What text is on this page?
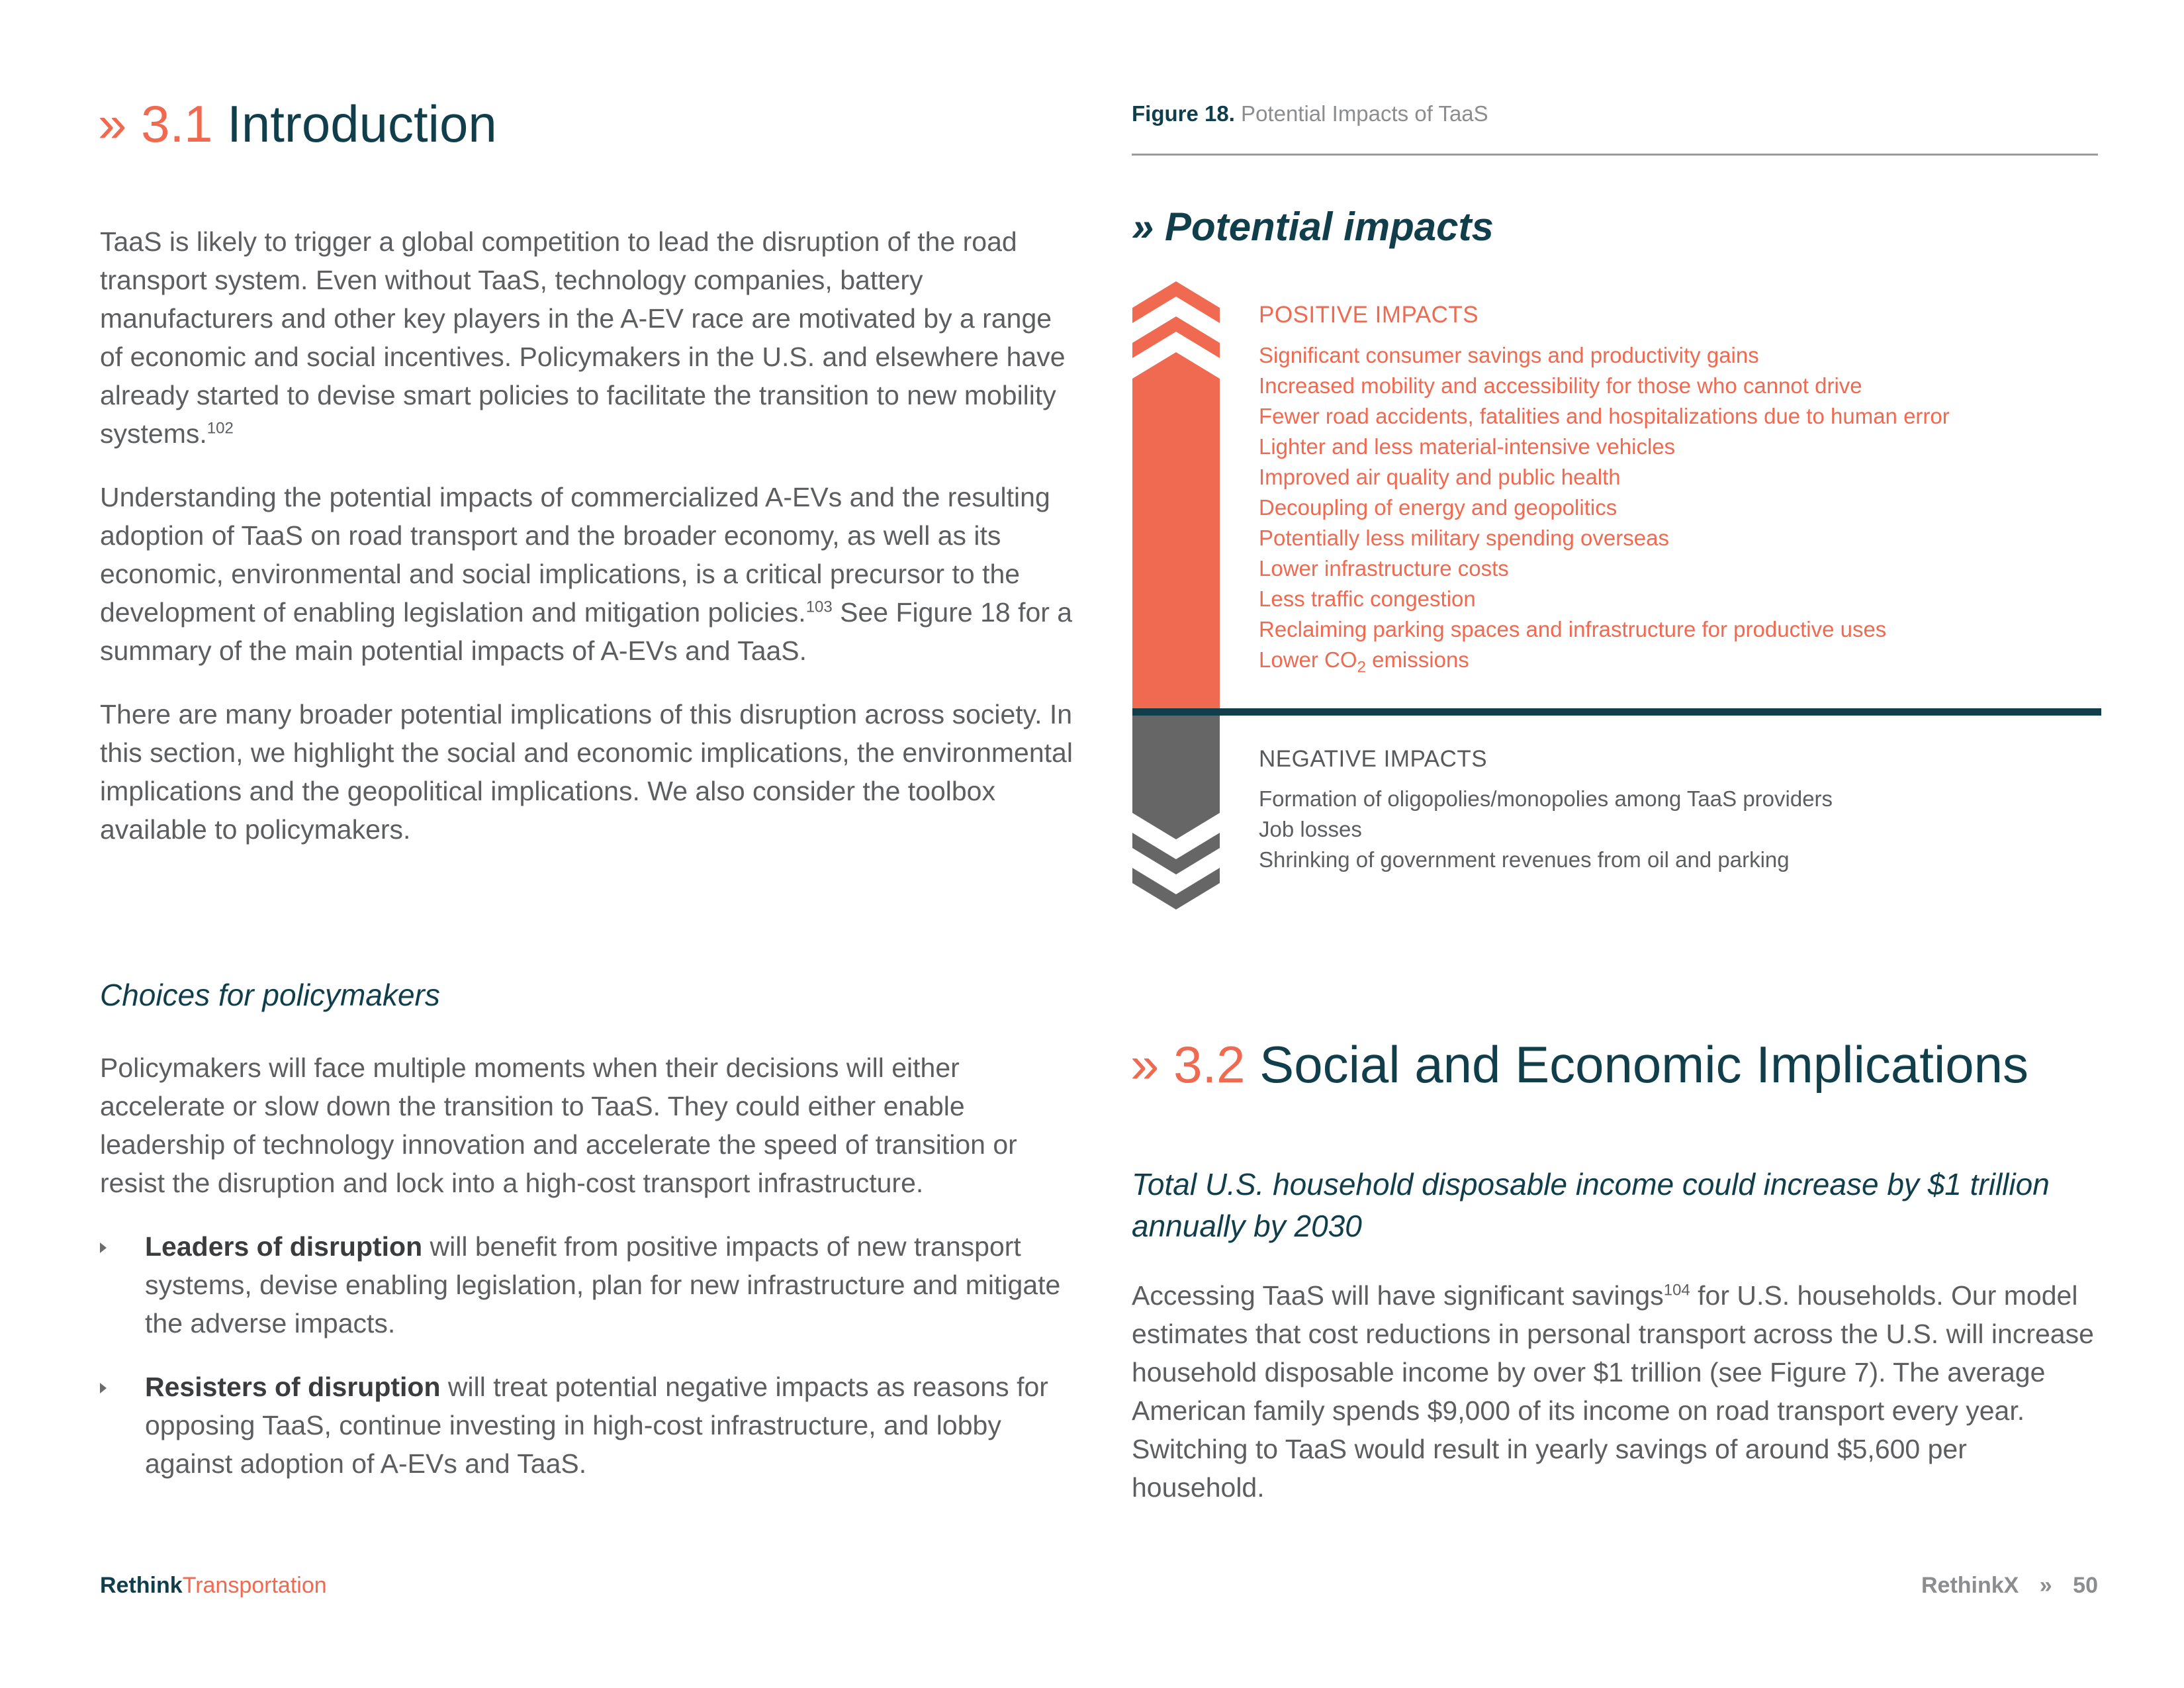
» 3.1 Introduction

TaaS is likely to trigger a global competition to lead the disruption of the road transport system. Even without TaaS, technology companies, battery manufacturers and other key players in the A-EV race are motivated by a range of economic and social incentives. Policymakers in the U.S. and elsewhere have already started to devise smart policies to facilitate the transition to new mobility systems.$^{102}$

Understanding the potential impacts of commercialized A-EVs and the resulting adoption of TaaS on road transport and the broader economy, as well as its economic, environmental and social implications, is a critical precursor to the development of enabling legislation and mitigation policies.$^{103}$ See Figure 18 for a summary of the main potential impacts of A-EVs and TaaS.

There are many broader potential implications of this disruption across society. In this section, we highlight the social and economic implications, the environmental implications and the geopolitical implications. We also consider the toolbox available to policymakers.

Choices for policymakers

Policymakers will face multiple moments when their decisions will either accelerate or slow down the transition to TaaS. They could either enable leadership of technology innovation and accelerate the speed of transition or resist the disruption and lock into a high-cost transport infrastructure.

Leaders of disruption will benefit from positive impacts of new transport systems, devise enabling legislation, plan for new infrastructure and mitigate the adverse impacts.
Resisters of disruption will treat potential negative impacts as reasons for opposing TaaS, continue investing in high-cost infrastructure, and lobby against adoption of A-EVs and TaaS.
Figure 18. Potential Impacts of TaaS
» Potential impacts
POSITIVE IMPACTS
Significant consumer savings and productivity gains
Increased mobility and accessibility for those who cannot drive
Fewer road accidents, fatalities and hospitalizations due to human error
Lighter and less material-intensive vehicles
Improved air quality and public health
Decoupling of energy and geopolitics
Potentially less military spending overseas
Lower infrastructure costs
Less traffic congestion
Reclaiming parking spaces and infrastructure for productive uses
Lower $CO_2$ emissions
NEGATIVE IMPACTS
Formation of oligopolies/monopolies among TaaS providers
Job losses
Shrinking of government revenues from oil and parking
» 3.2 Social and Economic Implications
Total U.S. household disposable income could increase by $1 trillion annually by 2030

Accessing TaaS will have significant savings$^{104}$ for U.S. households. Our model estimates that cost reductions in personal transport across the U.S. will increase household disposable income by over $1 trillion (see Figure 7). The average American family spends $9,000 of its income on road transport every year. Switching to TaaS would result in yearly savings of around $5,600 per household.

RethinkTransportation	RethinkX » 50
